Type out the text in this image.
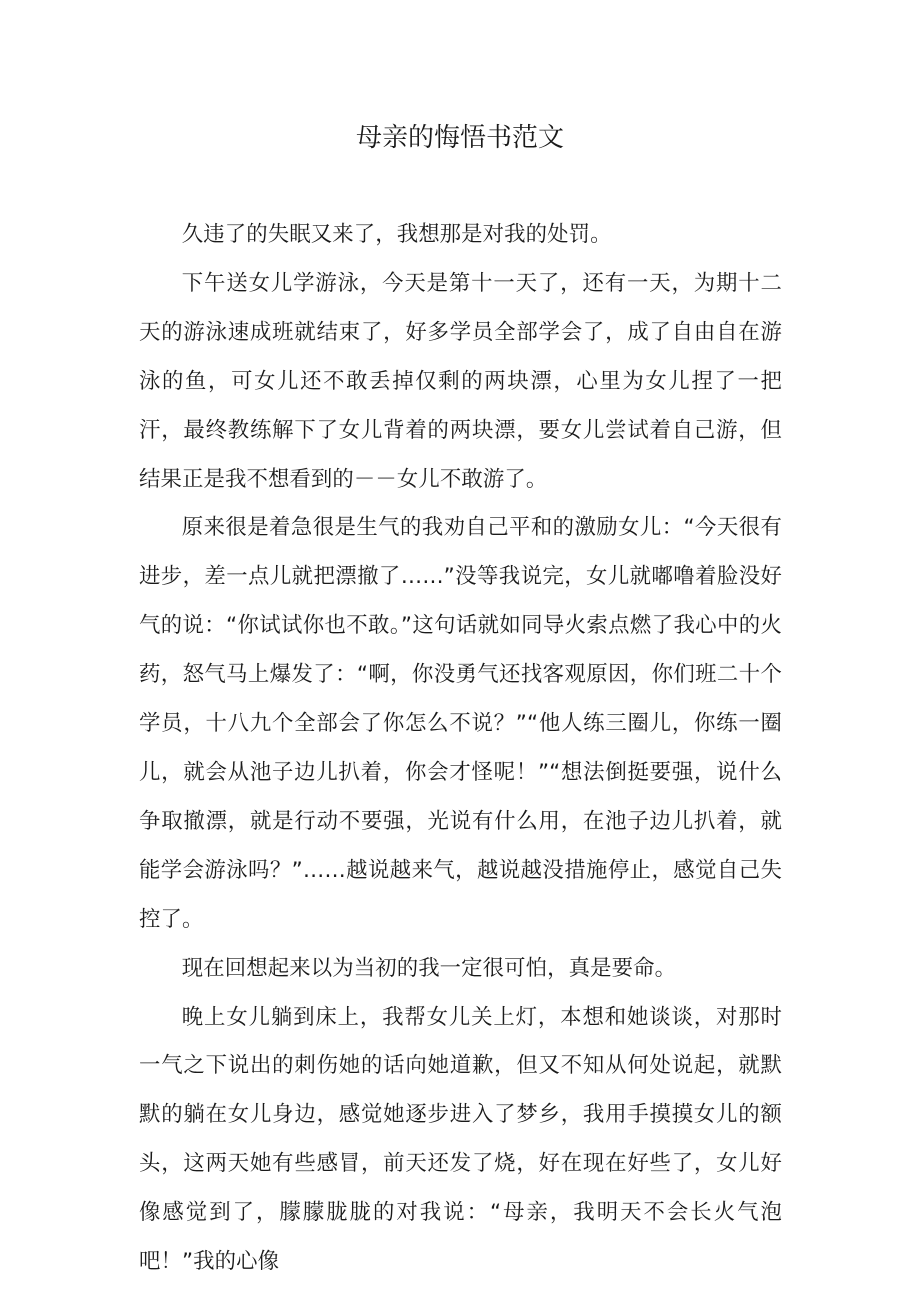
母亲的悔悟书范文

久违了的失眠又来了，我想那是对我的处罚。

下午送女儿学游泳，今天是第十一天了，还有一天，为期十二天的游泳速成班就结束了，好多学员全部学会了，成了自由自在游泳的鱼，可女儿还不敢丢掉仅剩的两块漂，心里为女儿捏了一把汗，最终教练解下了女儿背着的两块漂，要女儿尝试着自己游，但结果正是我不想看到的－－女儿不敢游了。

原来很是着急很是生气的我劝自己平和的激励女儿：“今天很有进步，差一点儿就把漂撤了……”没等我说完，女儿就嘟噜着脸没好气的说：“你试试你也不敢。”这句话就如同导火索点燃了我心中的火药，怒气马上爆发了：“啊，你没勇气还找客观原因，你们班二十个学员，十八九个全部会了你怎么不说？”“他人练三圈儿，你练一圈儿，就会从池子边儿扒着，你会才怪呢！”“想法倒挺要强，说什么争取撤漂，就是行动不要强，光说有什么用，在池子边儿扒着，就能学会游泳吗？”……越说越来气，越说越没措施停止，感觉自己失控了。

现在回想起来以为当初的我一定很可怕，真是要命。

晚上女儿躺到床上，我帮女儿关上灯，本想和她谈谈，对那时一气之下说出的刺伤她的话向她道歉，但又不知从何处说起，就默默的躺在女儿身边，感觉她逐步进入了梦乡，我用手摸摸女儿的额头，这两天她有些感冒，前天还发了烧，好在现在好些了，女儿好像感觉到了，朦朦胧胧的对我说：“母亲，我明天不会长火气泡吧！”我的心像
